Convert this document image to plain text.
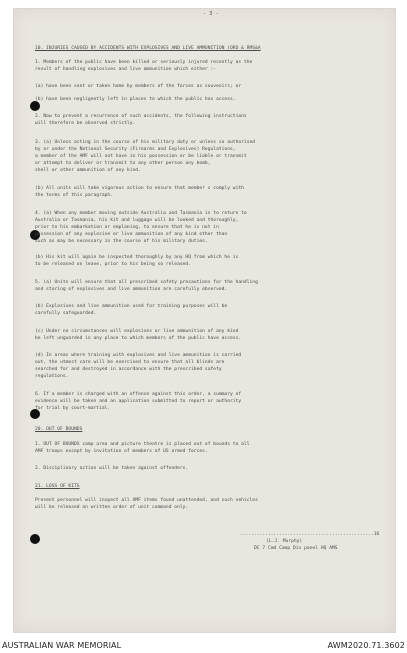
- 3 -
10. INJURIES CAUSED BY ACCIDENTS WITH EXPLOSIVES AND LIVE AMMUNITION (ORO & RMS&A
1. Members of the public have been killed or seriously injured recently as the
result of handling explosives and live ammunition which either :-
(a) have been sent or taken home by members of the forces as souvenirs; or
(b) have been negligently left in places to which the public has access.
2. Now to prevent a recurrence of such accidents, the following instructions
will therefore be observed strictly.
3. (a) Unless acting in the course of his military duty or unless so authorised
by or under the National Security (Firearms and Explosives) Regulations,
a member of the AMF will not have in his possession or be liable or transmit
or attempt to deliver or transmit to any other person any bomb,
shell or other ammunition of any kind.
(b) All units will take vigorous action to ensure that member s comply with
the terms of this paragraph.
4. (a) When any member moving outside Australia and Tasmania is to return to
Australia or Tasmania, his kit and luggage will be looked and thoroughly,
prior to his embarkation or emplaning, to ensure that he is not in
possession of any explosive or live ammunition of any kind other than
such as may be necessary in the course of his military duties.
(b) His kit will again be inspected thoroughly by any HQ from which he is
to be released on leave, prior to his being so released.
5. (a) Units will ensure that all prescribed safety precautions for the handling
and storing of explosives and live ammunition are carefully observed.
(b) Explosives and live ammunition used for training purposes will be
carefully safeguarded.
(c) Under no circumstances will explosives or live ammunition of any kind
be left unguarded in any place to which members of the public have access.
(d) In areas where training with explosives and live ammunition is carried
out, the utmost care will be exercised to ensure that all blinds are
searched for and destroyed in accordance with the prescribed safety
regulations.
6. If a member is charged with an offence against this order, a summary of
evidence will be taken and an application submitted to report or authority
for trial by court-martial.
20. OUT OF BOUNDS
1. OUT OF BOUNDS camp area and picture theatre is placed out of bounds to all
AMF troops except by invitation of members of US armed forces.
2. Disciplinary action will be taken against offenders.
21. LOSS OF KITS
Present personnel will inspect all AMF items found unattended, and such vehicles
will be released on written order of unit command only.
................................................16
(L.J. Murphy)
DC 7 Cmd Camp Dis panel HQ AMS
AUSTRALIAN WAR MEMORIAL	AWM2020.71.3602
